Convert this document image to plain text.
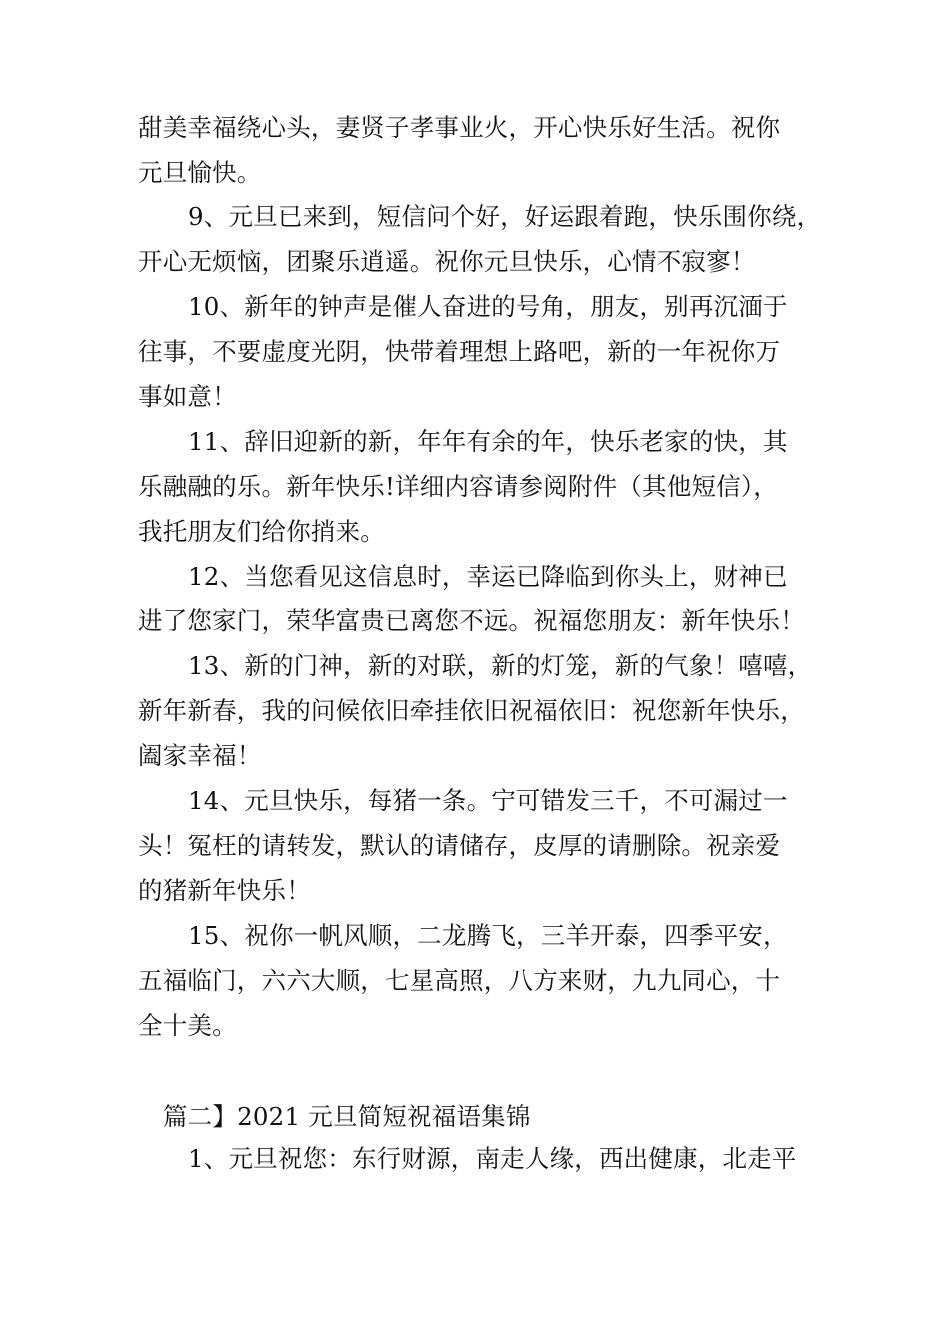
甜美幸福绕心头，妻贤子孝事业火，开心快乐好生活。祝你
元旦愉快。
9、元旦已来到，短信问个好，好运跟着跑，快乐围你绕，
开心无烦恼，团聚乐逍遥。祝你元旦快乐，心情不寂寥！
10、新年的钟声是催人奋进的号角，朋友，别再沉湎于
往事，不要虚度光阴，快带着理想上路吧，新的一年祝你万
事如意！
11、辞旧迎新的新，年年有余的年，快乐老家的快，其
乐融融的乐。新年快乐!详细内容请参阅附件（其他短信），
我托朋友们给你捎来。
12、当您看见这信息时，幸运已降临到你头上，财神已
进了您家门，荣华富贵已离您不远。祝福您朋友：新年快乐！
13、新的门神，新的对联，新的灯笼，新的气象！嘻嘻，
新年新春，我的问候依旧牵挂依旧祝福依旧：祝您新年快乐，
阖家幸福！
14、元旦快乐，每猪一条。宁可错发三千，不可漏过一
头！冤枉的请转发，默认的请储存，皮厚的请删除。祝亲爱
的猪新年快乐！
15、祝你一帆风顺，二龙腾飞，三羊开泰，四季平安，
五福临门，六六大顺，七星高照，八方来财，九九同心，十
全十美。
篇二】2021 元旦简短祝福语集锦
1、元旦祝您：东行财源，南走人缘，西出健康，北走平
